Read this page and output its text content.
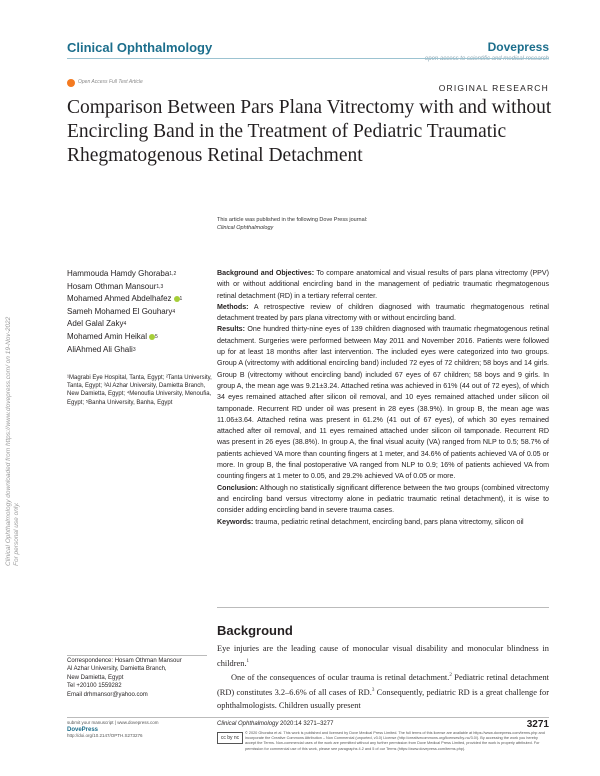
Clinical Ophthalmology	Dovepress
open access to scientific and medical research
Open Access Full Text Article
ORIGINAL RESEARCH
Comparison Between Pars Plana Vitrectomy with and without Encircling Band in the Treatment of Pediatric Traumatic Rhegmatogenous Retinal Detachment
This article was published in the following Dove Press journal:
Clinical Ophthalmology
Clinical Ophthalmology downloaded from https://www.dovepress.com/ on 19-Nov-2022
For personal use only.
Hammouda Hamdy Ghoraba 1,2
Hosam Othman Mansour 1,3
Mohamed Ahmed Abdelhafez 1
Sameh Mohamed El Gouhary 4
Adel Galal Zaky 4
Mohamed Amin Heikal 5
AliAhmed Ali Ghali 3
¹Magrabi Eye Hospital, Tanta, Egypt; ²Tanta University, Tanta, Egypt; ³Al Azhar University, Damietta Branch, New Damietta, Egypt; ⁴Menoufia University, Menoufia, Egypt; ⁵Banha University, Banha, Egypt

Background and Objectives: To compare anatomical and visual results of pars plana vitrectomy (PPV) with or without additional encircling band in the management of pediatric traumatic rhegmatogenous retinal detachment (RD) in a tertiary referral center.

Methods: A retrospective review of children diagnosed with traumatic rhegmatogenous retinal detachment treated by pars plana vitrectomy with or without encircling band.

Results: One hundred thirty-nine eyes of 139 children diagnosed with traumatic rhegmatogenous retinal detachment. Surgeries were performed between May 2011 and November 2016. Patients were followed up for at least 18 months after last intervention. The included eyes were categorized into two groups. Group A (vitrectomy with additional encircling band) included 72 eyes of 72 children; 58 boys and 14 girls. Group B (vitrectomy without encircling band) included 67 eyes of 67 children; 58 boys and 9 girls. In group A, the mean age was 9.21±3.24. Attached retina was achieved in 61% (44 out of 72 eyes), of which 34 eyes remained attached after silicon oil removal, and 10 eyes remained attached under silicon oil tamponade. Recurrent RD under oil was present in 28 eyes (38.9%). In group B, the mean age was 11.06±3.64. Attached retina was present in 61.2% (41 out of 67 eyes), of which 30 eyes remained attached after oil removal, and 11 eyes remained attached under silicon oil tamponade. Recurrent RD was present in 26 eyes (38.8%). In group A, the final visual acuity (VA) ranged from NLP to 0.5; 58.7% of patients achieved VA more than counting fingers at 1 meter, and 34.6% of patients achieved VA of 0.05 or more. In group B, the final postoperative VA ranged from NLP to 0.9; 16% of patients achieved VA from counting fingers at 1 meter to 0.05, and 29.2% achieved VA of 0.05 or more.

Conclusion: Although no statistically significant difference between the two groups (combined vitrectomy and encircling band versus vitrectomy alone in pediatric traumatic retinal detachment), it is wise to consider adding encircling band in severe trauma cases.

Keywords: trauma, pediatric retinal detachment, encircling band, pars plana vitrectomy, silicon oil

Background

Eye injuries are the leading cause of monocular visual disability and monocular blindness in children.$^1$

One of the consequences of ocular trauma is retinal detachment.$^2$ Pediatric retinal detachment (RD) constitutes 3.2–6.6% of all cases of RD.$^3$ Consequently, pediatric RD is a great challenge for ophthalmologists. Children usually present

Correspondence: Hosam Othman Mansour
Al Azhar University, Damietta Branch,
New Damietta, Egypt
Tel +20100 1559282
Email drhmansor@yahoo.com
submit your manuscript | www.dovepress.com
DovePress
http://doi.org/10.2147/OPTH.S273276
Clinical Ophthalmology 2020:14 3271–3277	3271
cc by nc
© 2020 Ghoraba et al. This work is published and licensed by Dove Medical Press Limited. The full terms of this license are available at https://www.dovepress.com/terms.php and incorporate the Creative Commons Attribution – Non Commercial (unported, v3.0) License (http://creativecommons.org/licenses/by-nc/3.0/). By accessing the work you hereby accept the Terms. Non-commercial uses of the work are permitted without any further permission from Dove Medical Press Limited, provided the work is properly attributed. For permission for commercial use of this work, please see paragraphs 4.2 and 5 of our Terms (https://www.dovepress.com/terms.php).
